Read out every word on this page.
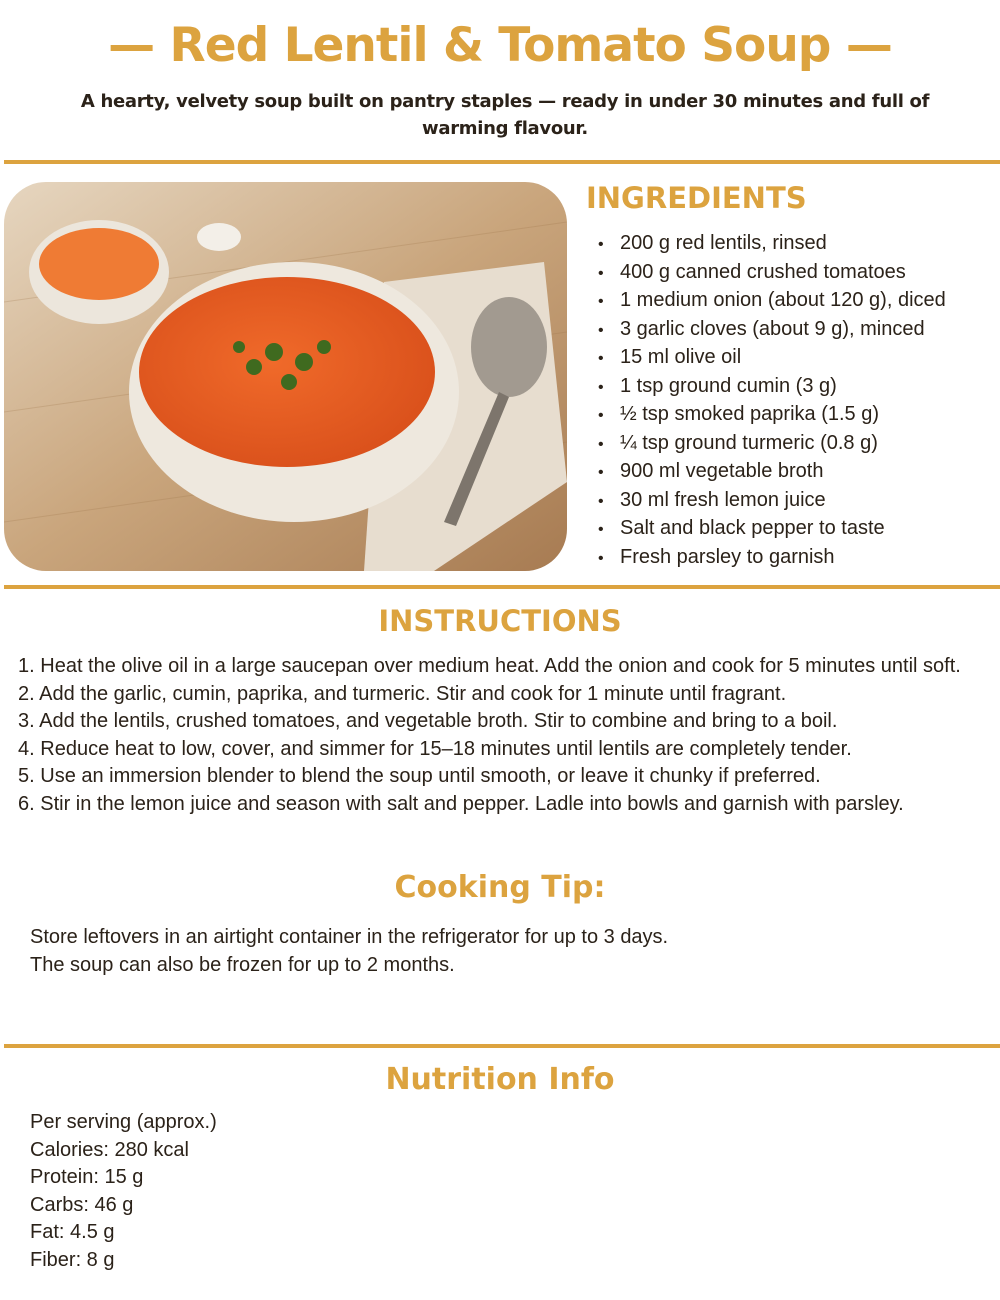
— Red Lentil & Tomato Soup —
A hearty, velvety soup built on pantry staples — ready in under 30 minutes and full of warming flavour.
INGREDIENTS
• 200 g red lentils, rinsed
• 400 g canned crushed tomatoes
• 1 medium onion (about 120 g), diced
• 3 garlic cloves (about 9 g), minced
• 15 ml olive oil
• 1 tsp ground cumin (3 g)
• ½ tsp smoked paprika (1.5 g)
• ¼ tsp ground turmeric (0.8 g)
• 900 ml vegetable broth
• 30 ml fresh lemon juice
• Salt and black pepper to taste
• Fresh parsley to garnish
INSTRUCTIONS
1. Heat the olive oil in a large saucepan over medium heat. Add the onion and cook for 5 minutes until soft.
2. Add the garlic, cumin, paprika, and turmeric. Stir and cook for 1 minute until fragrant.
3. Add the lentils, crushed tomatoes, and vegetable broth. Stir to combine and bring to a boil.
4. Reduce heat to low, cover, and simmer for 15–18 minutes until lentils are completely tender.
5. Use an immersion blender to blend the soup until smooth, or leave it chunky if preferred.
6. Stir in the lemon juice and season with salt and pepper. Ladle into bowls and garnish with parsley.
Cooking Tip:
Store leftovers in an airtight container in the refrigerator for up to 3 days.
The soup can also be frozen for up to 2 months.
Nutrition Info
Per serving (approx.)
Calories: 280 kcal
Protein: 15 g
Carbs: 46 g
Fat: 4.5 g
Fiber: 8 g
